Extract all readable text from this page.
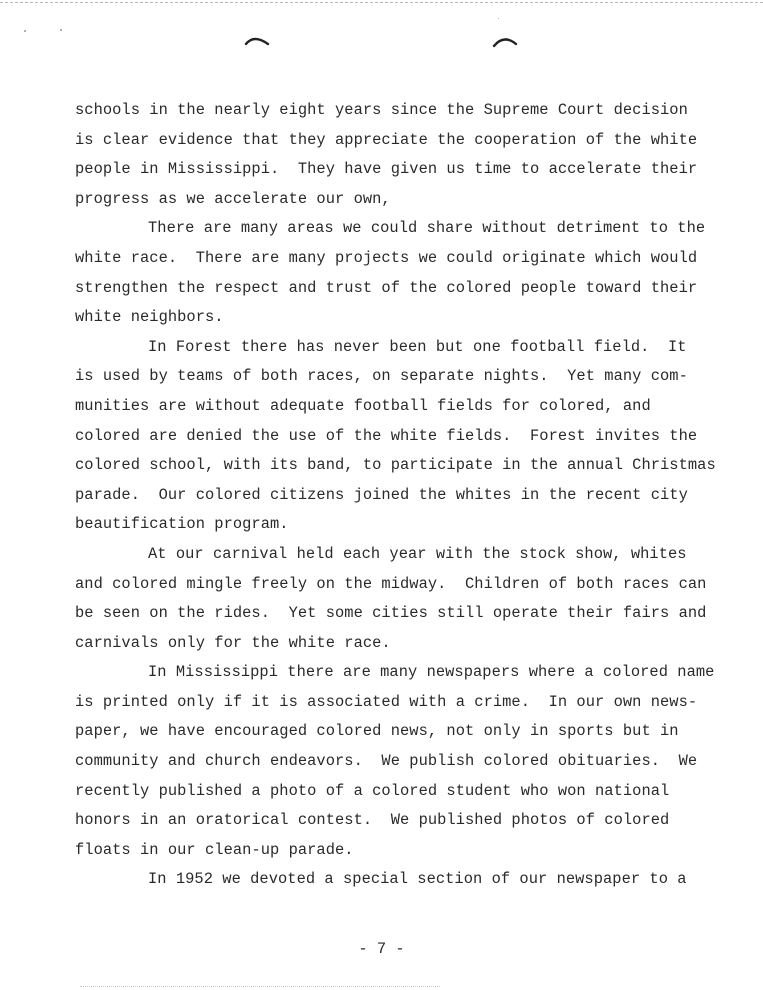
schools in the nearly eight years since the Supreme Court decision
is clear evidence that they appreciate the cooperation of the white
people in Mississippi.  They have given us time to accelerate their
progress as we accelerate our own,
There are many areas we could share without detriment to the
white race.  There are many projects we could originate which would
strengthen the respect and trust of the colored people toward their
white neighbors.
In Forest there has never been but one football field.  It
is used by teams of both races, on separate nights.  Yet many com-
munities are without adequate football fields for colored, and
colored are denied the use of the white fields.  Forest invites the
colored school, with its band, to participate in the annual Christmas
parade.  Our colored citizens joined the whites in the recent city
beautification program.
At our carnival held each year with the stock show, whites
and colored mingle freely on the midway.  Children of both races can
be seen on the rides.  Yet some cities still operate their fairs and
carnivals only for the white race.
In Mississippi there are many newspapers where a colored name
is printed only if it is associated with a crime.  In our own news-
paper, we have encouraged colored news, not only in sports but in
community and church endeavors.  We publish colored obituaries.  We
recently published a photo of a colored student who won national
honors in an oratorical contest.  We published photos of colored
floats in our clean-up parade.
In 1952 we devoted a special section of our newspaper to a
- 7 -
